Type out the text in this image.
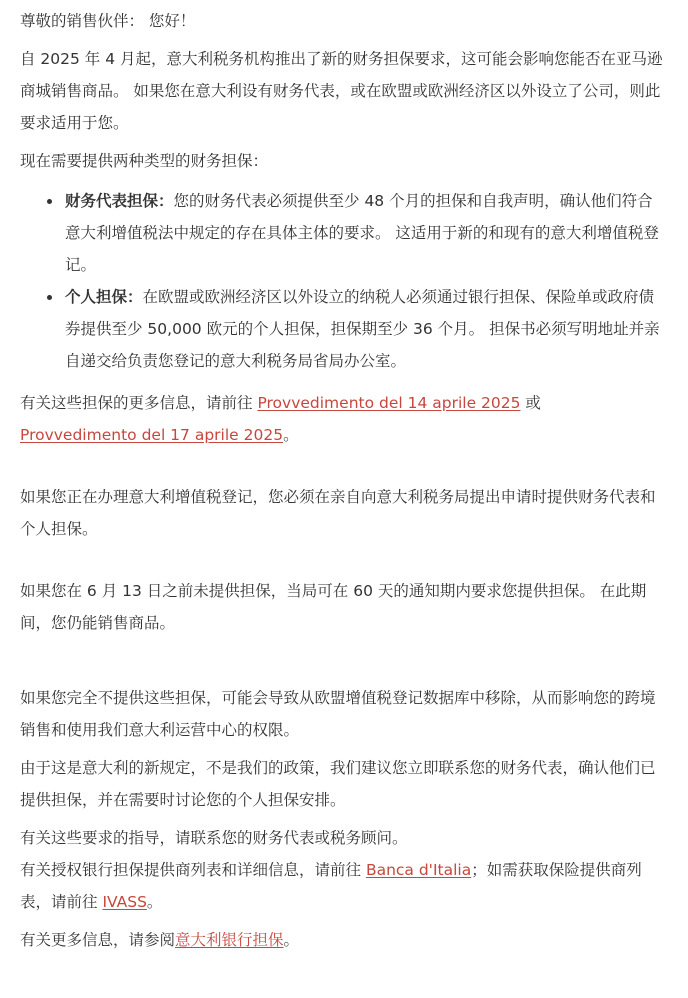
尊敬的销售伙伴： 您好！

自 2025 年 4 月起，意大利税务机构推出了新的财务担保要求，这可能会影响您能否在亚马逊商城销售商品。 如果您在意大利设有财务代表，或在欧盟或欧洲经济区以外设立了公司，则此要求适用于您。

现在需要提供两种类型的财务担保：

财务代表担保：您的财务代表必须提供至少 48 个月的担保和自我声明，确认他们符合意大利增值税法中规定的存在具体主体的要求。 这适用于新的和现有的意大利增值税登记。
个人担保：在欧盟或欧洲经济区以外设立的纳税人必须通过银行担保、保险单或政府债券提供至少 50,000 欧元的个人担保，担保期至少 36 个月。 担保书必须写明地址并亲自递交给负责您登记的意大利税务局省局办公室。

有关这些担保的更多信息，请前往 Provvedimento del 14 aprile 2025 或
Provvedimento del 17 aprile 2025。

如果您正在办理意大利增值税登记，您必须在亲自向意大利税务局提出申请时提供财务代表和个人担保。

如果您在 6 月 13 日之前未提供担保，当局可在 60 天的通知期内要求您提供担保。 在此期间，您仍能销售商品。

如果您完全不提供这些担保，可能会导致从欧盟增值税登记数据库中移除，从而影响您的跨境销售和使用我们意大利运营中心的权限。

由于这是意大利的新规定，不是我们的政策，我们建议您立即联系您的财务代表，确认他们已提供担保，并在需要时讨论您的个人担保安排。

有关这些要求的指导，请联系您的财务代表或税务顾问。
有关授权银行担保提供商列表和详细信息，请前往 Banca d'Italia；如需获取保险提供商列表，请前往 IVASS。

有关更多信息，请参阅意大利银行担保。
